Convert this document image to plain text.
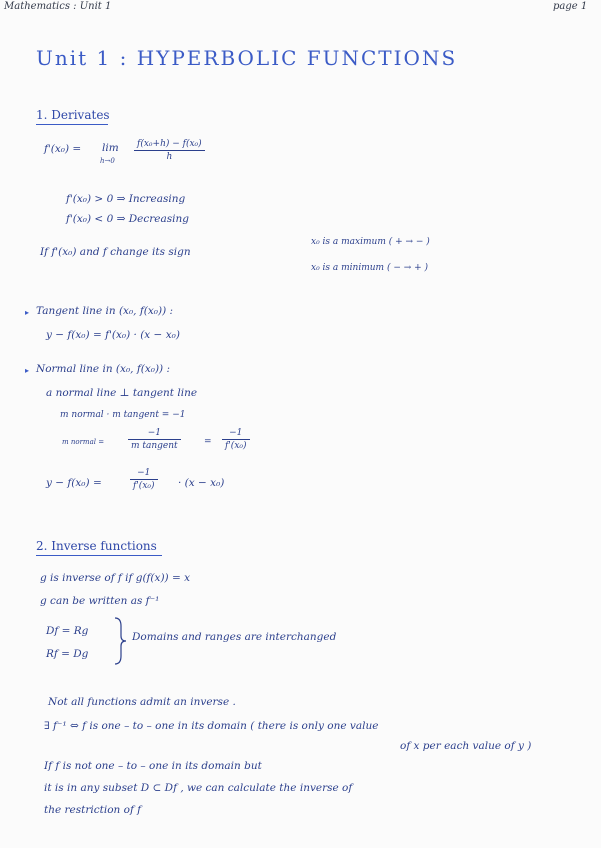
Mathematics : Unit 1	page 1
Unit 1 : HYPERBOLIC FUNCTIONS
1. Derivates
f'(x₀) = lim
h→0
f(x₀+h) − f(x₀)
h
f'(x₀) > 0 ⇒ Increasing
f'(x₀) < 0 ⇒ Decreasing
If f'(x₀) and f change its sign
x₀ is a maximum ( + → − )
x₀ is a minimum ( − → + )
▸ Tangent line in (x₀, f(x₀)) :
y − f(x₀) = f'(x₀) · (x − x₀)
▸ Normal line in (x₀, f(x₀)) :
a normal line ⊥ tangent line
m normal · m tangent = −1
m normal =
−1
m tangent	=
−1
f'(x₀)
y − f(x₀) =
−1
f'(x₀) · (x − x₀)
2. Inverse functions
g is inverse of f if g(f(x)) = x
g can be written as f⁻¹
Df = Rg
Rf = Dg
Domains and ranges are interchanged
Not all functions admit an inverse .
∃ f⁻¹ ⇔ f is one – to – one in its domain ( there is only one value
of x per each value of y )
If f is not one – to – one in its domain but
it is in any subset D ⊂ Df , we can calculate the inverse of
the restriction of f
